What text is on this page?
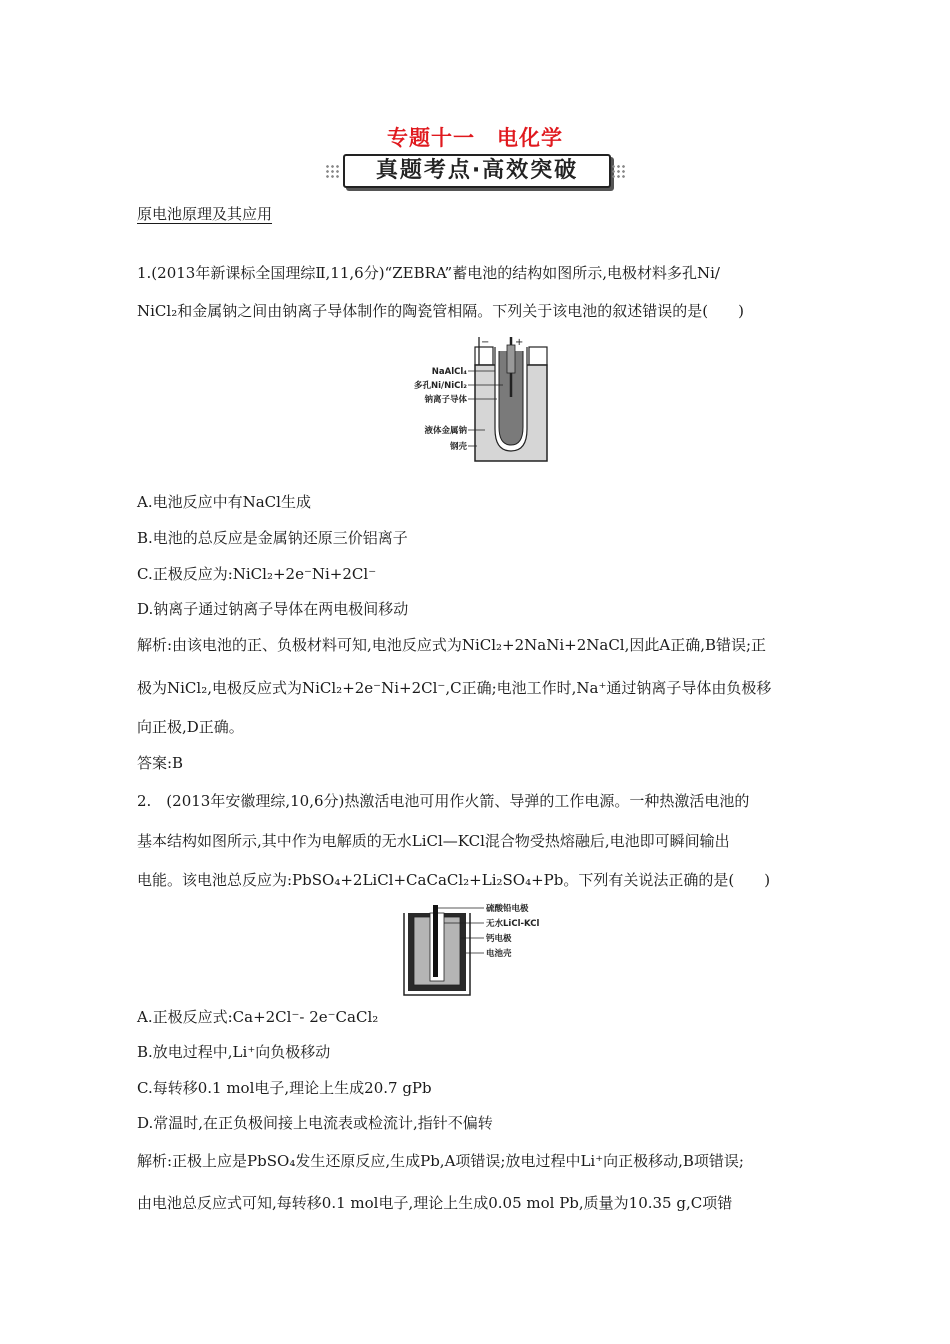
专题十一　电化学
真题考点·高效突破
原电池原理及其应用
1.(2013年新课标全国理综Ⅱ,11,6分)“ZEBRA”蓄电池的结构如图所示,电极材料多孔Ni/
NiCl₂和金属钠之间由钠离子导体制作的陶瓷管相隔。下列关于该电池的叙述错误的是(　　)
−	+
NaAlCl₄
多孔Ni/NiCl₂
钠离子导体
液体金属钠
钢壳
A.电池反应中有NaCl生成
B.电池的总反应是金属钠还原三价铝离子
C.正极反应为:NiCl₂+2e⁻Ni+2Cl⁻
D.钠离子通过钠离子导体在两电极间移动
解析:由该电池的正、负极材料可知,电池反应式为NiCl₂+2NaNi+2NaCl,因此A正确,B错误;正
极为NiCl₂,电极反应式为NiCl₂+2e⁻Ni+2Cl⁻,C正确;电池工作时,Na⁺通过钠离子导体由负极移
向正极,D正确。
答案:B
2.　(2013年安徽理综,10,6分)热激活电池可用作火箭、导弹的工作电源。一种热激活电池的
基本结构如图所示,其中作为电解质的无水LiCl—KCl混合物受热熔融后,电池即可瞬间输出
电能。该电池总反应为:PbSO₄+2LiCl+CaCaCl₂+Li₂SO₄+Pb。下列有关说法正确的是(　　)
硫酸铅电极
无水LiCl-KCl
钙电极
电池壳
A.正极反应式:Ca+2Cl⁻- 2e⁻CaCl₂
B.放电过程中,Li⁺向负极移动
C.每转移0.1 mol电子,理论上生成20.7 gPb
D.常温时,在正负极间接上电流表或检流计,指针不偏转
解析:正极上应是PbSO₄发生还原反应,生成Pb,A项错误;放电过程中Li⁺向正极移动,B项错误;
由电池总反应式可知,每转移0.1 mol电子,理论上生成0.05 mol Pb,质量为10.35 g,C项错
